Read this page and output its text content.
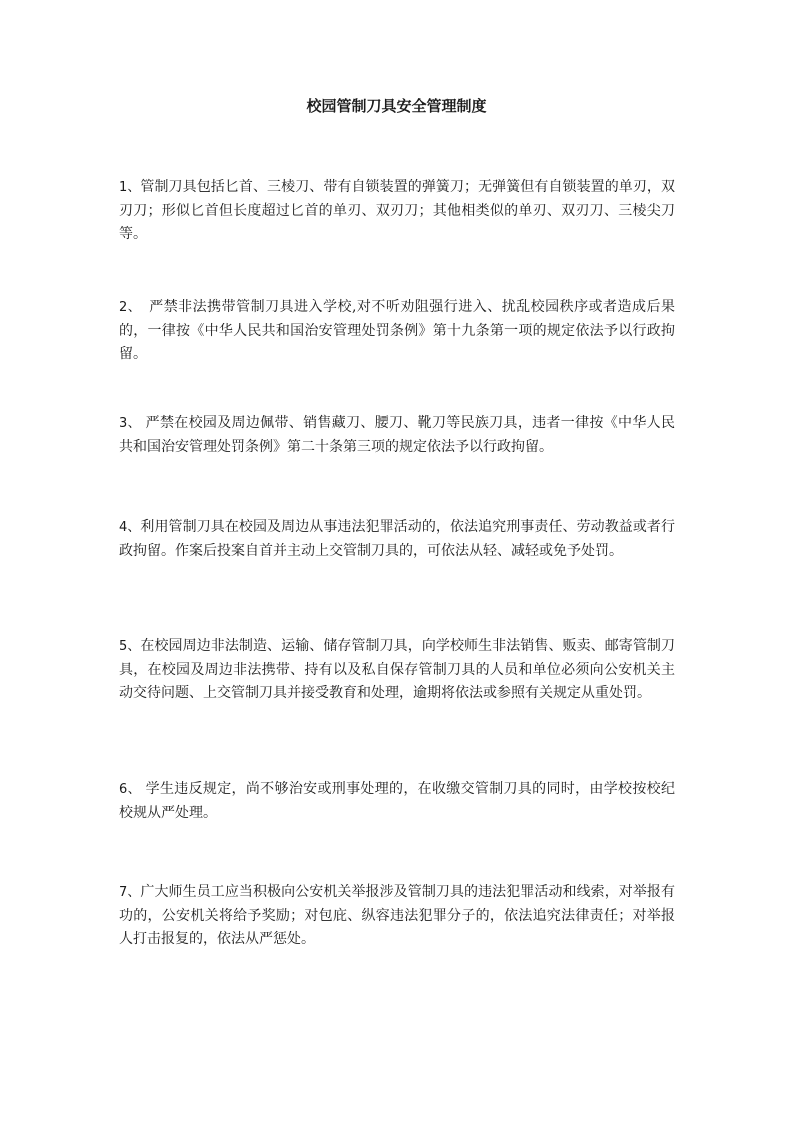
校园管制刀具安全管理制度

1、管制刀具包括匕首、三棱刀、带有自锁装置的弹簧刀；无弹簧但有自锁装置的单刃，双刃刀；形似匕首但长度超过匕首的单刃、双刃刀；其他相类似的单刃、双刃刀、三棱尖刀等。

2、　严禁非法携带管制刀具进入学校,对不听劝阻强行进入、扰乱校园秩序或者造成后果的，一律按《中华人民共和国治安管理处罚条例》第十九条第一项的规定依法予以行政拘留。

3、 严禁在校园及周边佩带、销售藏刀、腰刀、靴刀等民族刀具，违者一律按《中华人民共和国治安管理处罚条例》第二十条第三项的规定依法予以行政拘留。

4、利用管制刀具在校园及周边从事违法犯罪活动的，依法追究刑事责任、劳动教益或者行政拘留。作案后投案自首并主动上交管制刀具的，可依法从轻、减轻或免予处罚。

5、在校园周边非法制造、运输、储存管制刀具，向学校师生非法销售、贩卖、邮寄管制刀具，在校园及周边非法携带、持有以及私自保存管制刀具的人员和单位必须向公安机关主动交待问题、上交管制刀具并接受教育和处理，逾期将依法或参照有关规定从重处罚。

6、 学生违反规定，尚不够治安或刑事处理的，在收缴交管制刀具的同时，由学校按校纪校规从严处理。

7、广大师生员工应当积极向公安机关举报涉及管制刀具的违法犯罪活动和线索，对举报有功的，公安机关将给予奖励；对包庇、纵容违法犯罪分子的，依法追究法律责任；对举报人打击报复的，依法从严惩处。
